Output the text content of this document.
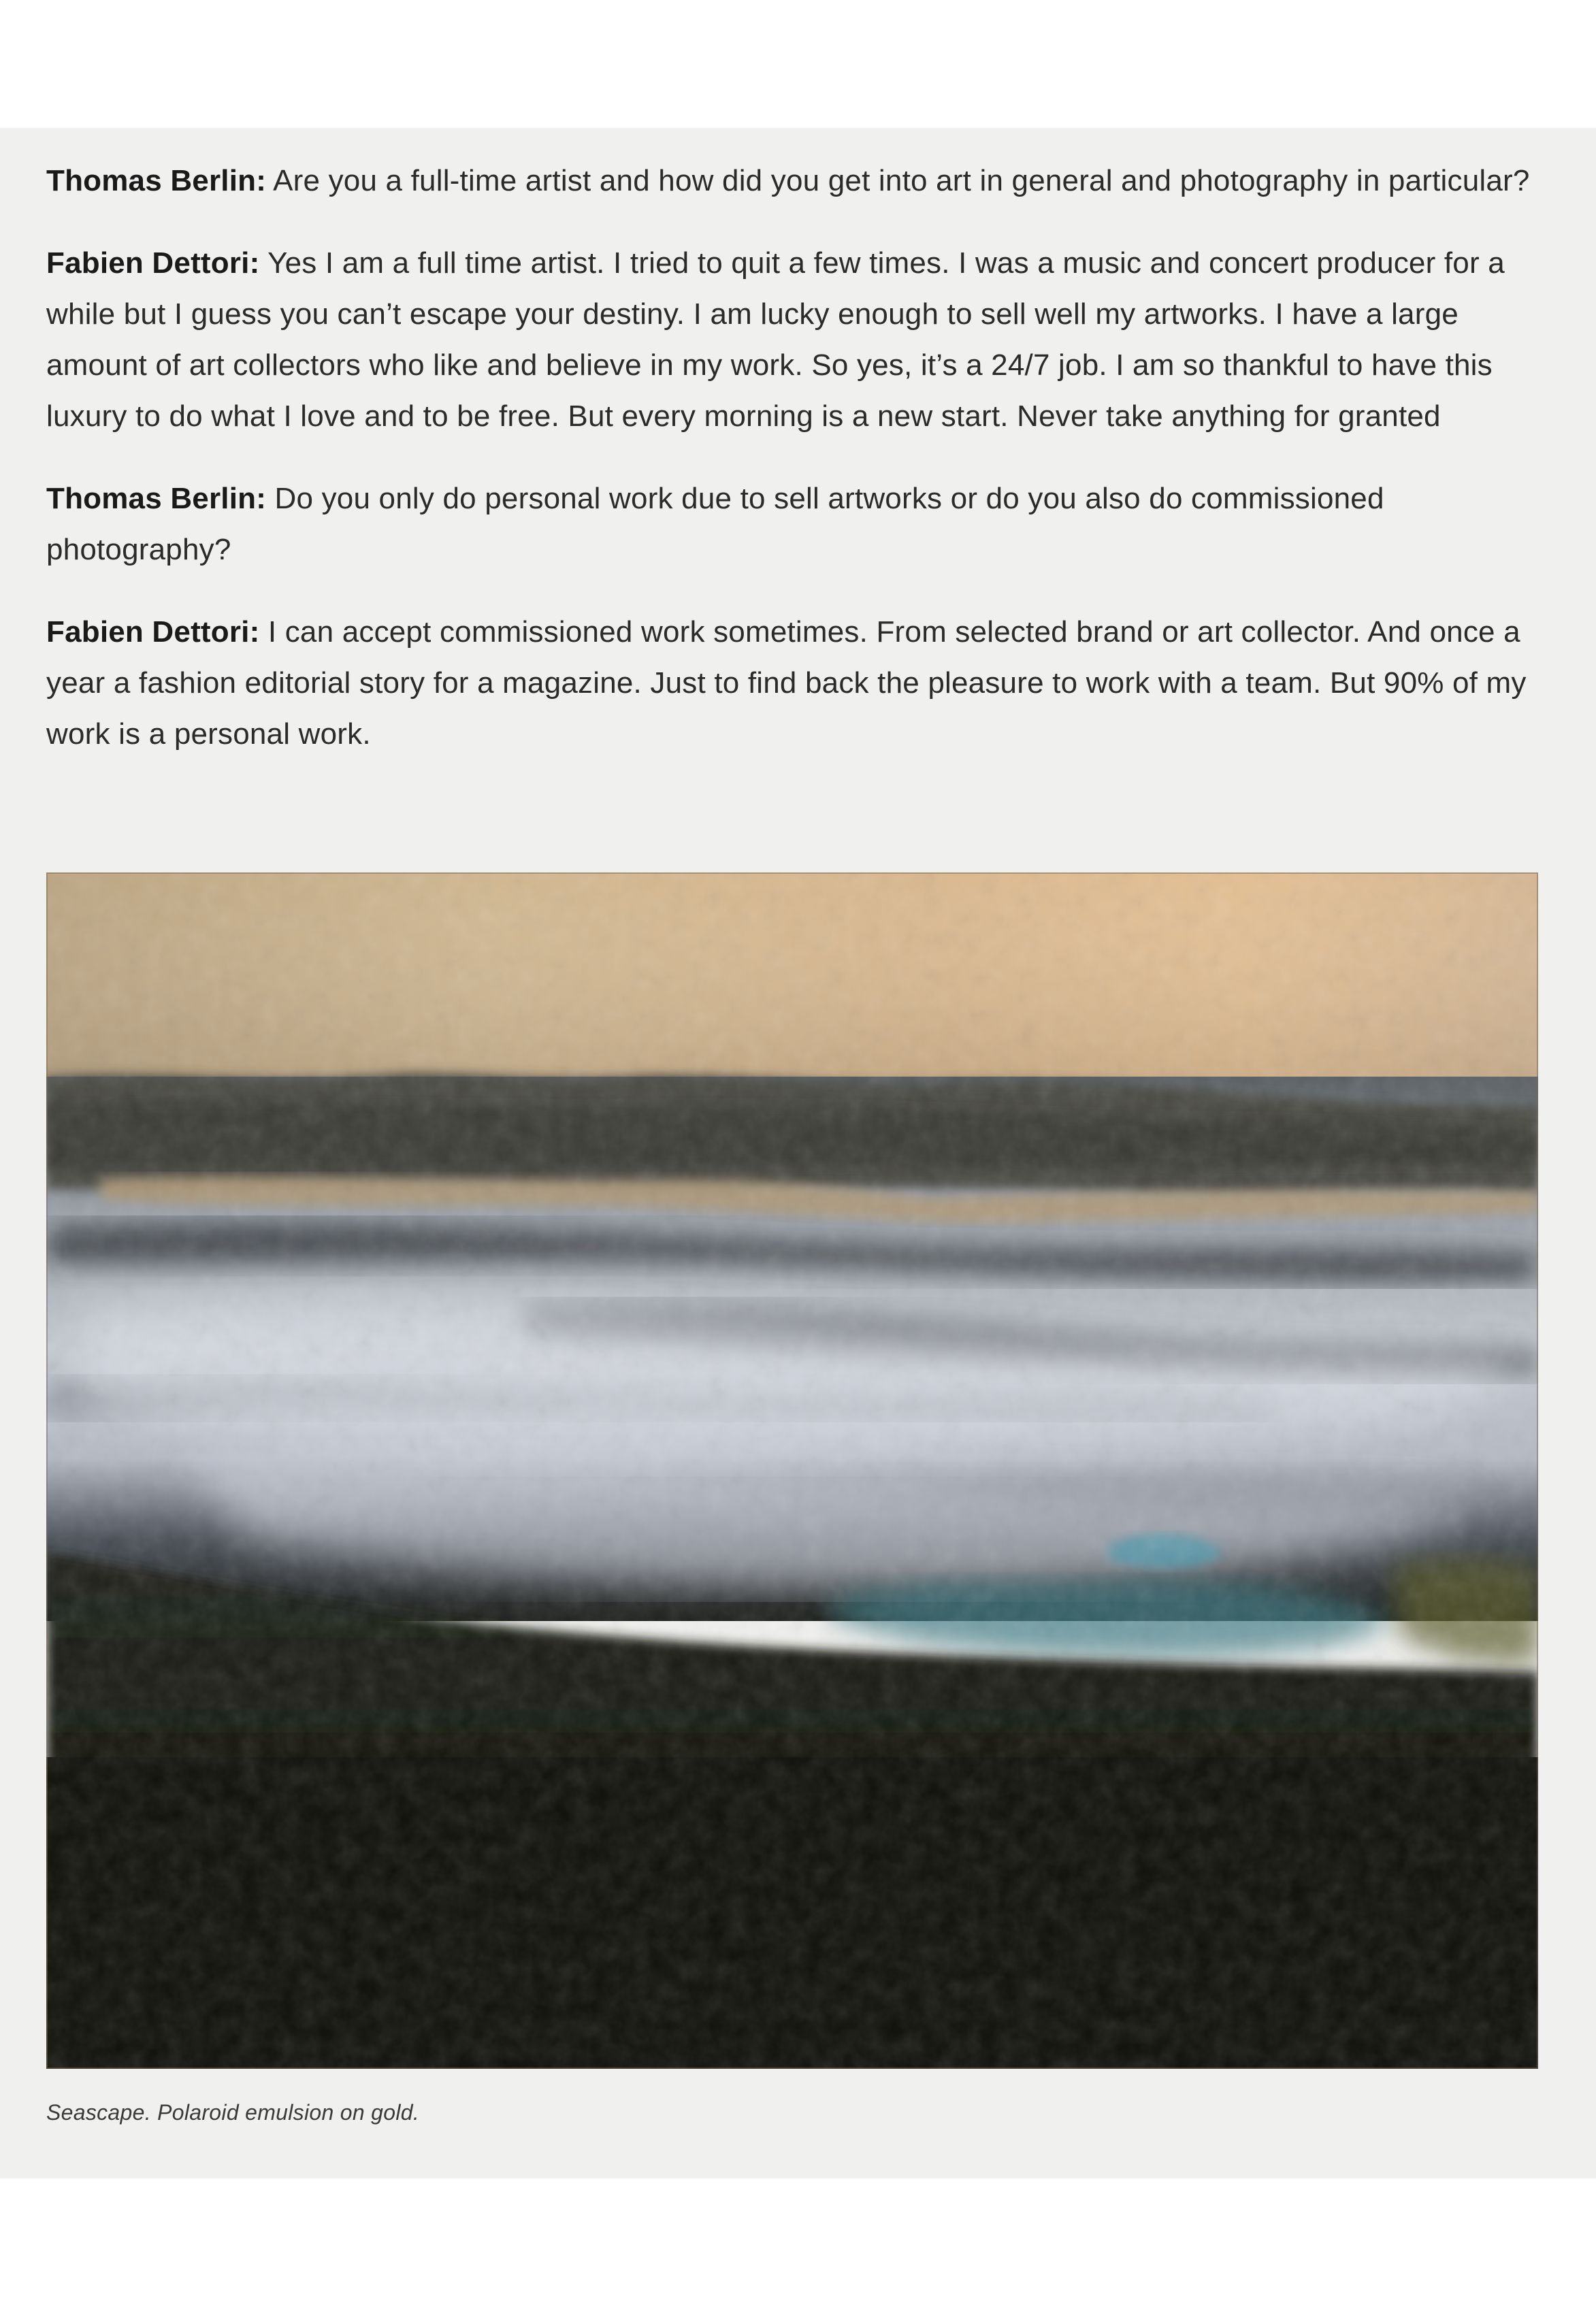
Thomas Berlin: Are you a full-time artist and how did you get into art in general and photography in particular?

Fabien Dettori: Yes I am a full time artist. I tried to quit a few times. I was a music and concert producer for a while but I guess you can’t escape your destiny. I am lucky enough to sell well my artworks. I have a large amount of art collectors who like and believe in my work. So yes, it’s a 24/7 job. I am so thankful to have this luxury to do what I love and to be free. But every morning is a new start. Never take anything for granted

Thomas Berlin: Do you only do personal work due to sell artworks or do you also do commissioned photography?

Fabien Dettori: I can accept commissioned work sometimes. From selected brand or art collector. And once a year a fashion editorial story for a magazine. Just to find back the pleasure to work with a team. But 90% of my work is a personal work.

Seascape. Polaroid emulsion on gold.
